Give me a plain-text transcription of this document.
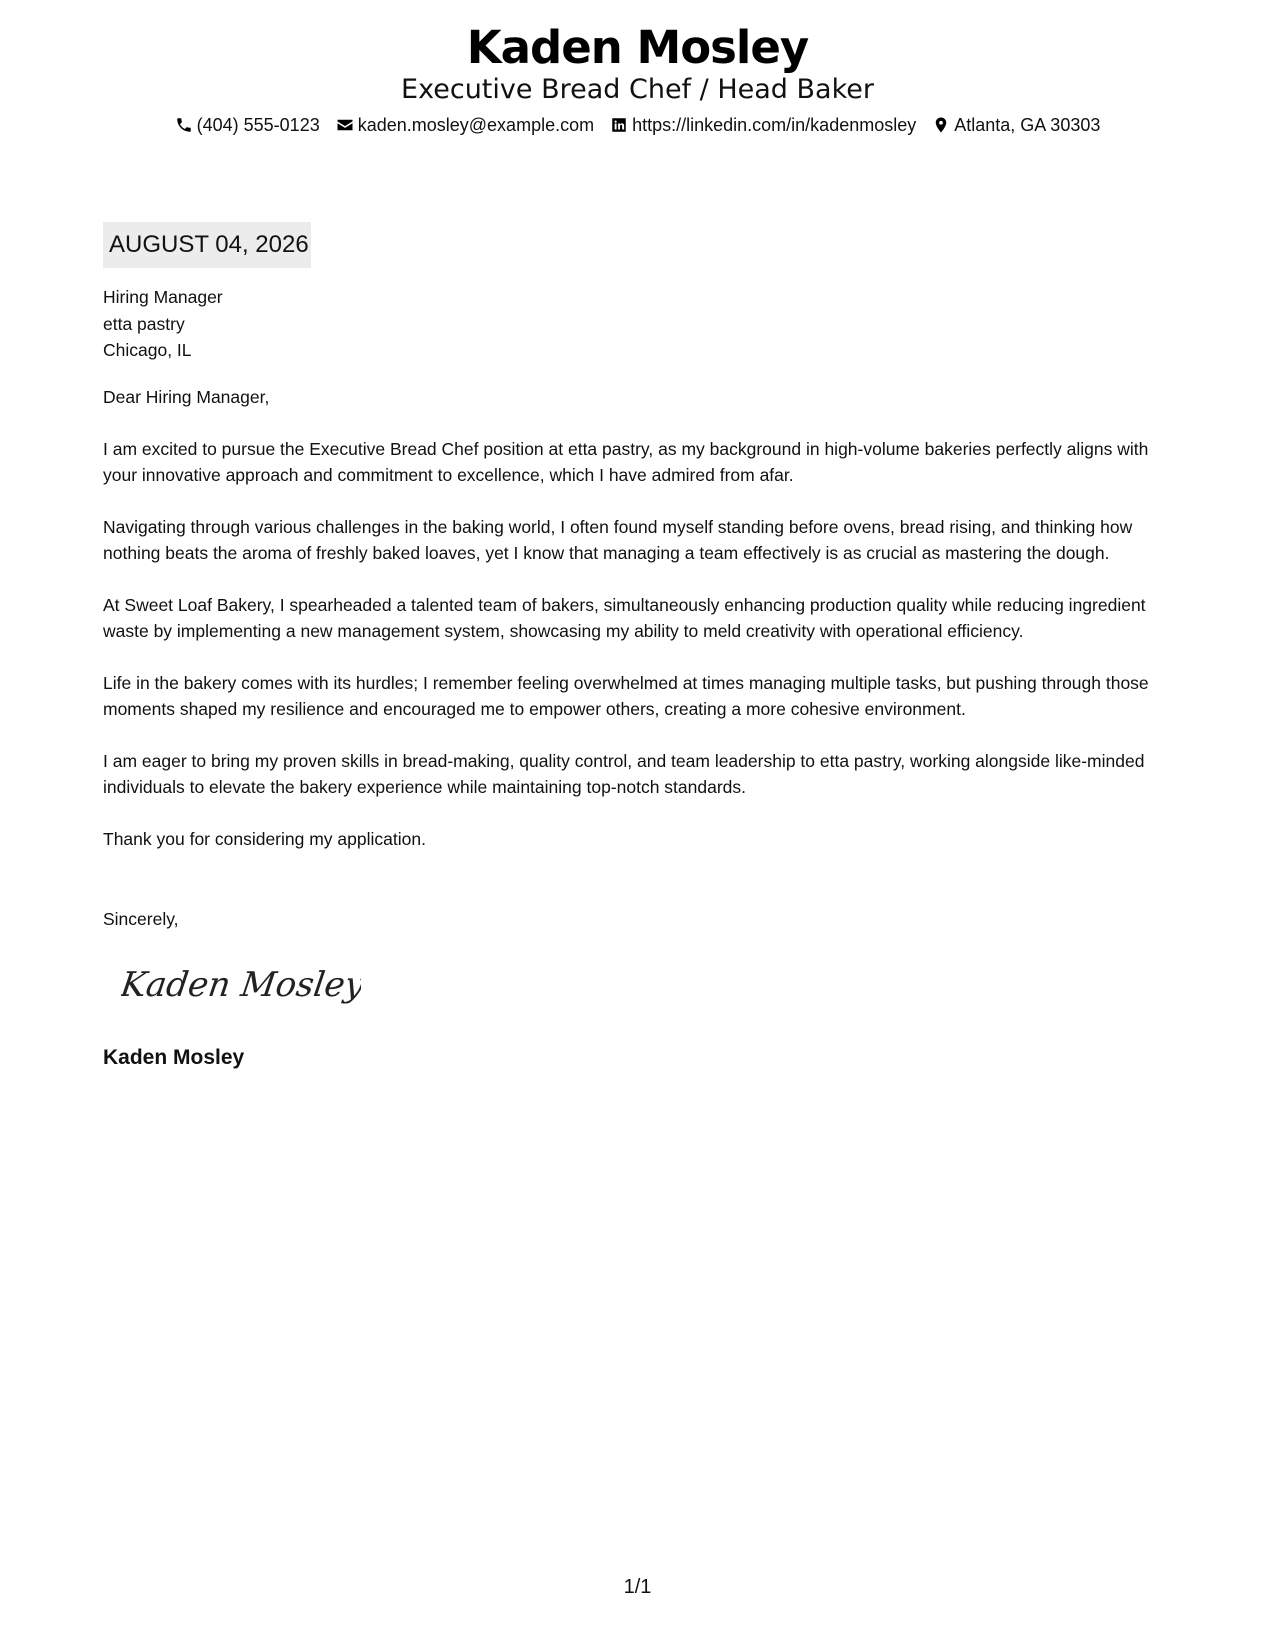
Kaden Mosley
Executive Bread Chef / Head Baker
(404) 555-0123 kaden.mosley@example.com https://linkedin.com/in/kadenmosley Atlanta, GA 30303
AUGUST 04, 2026
Hiring Manager
etta pastry
Chicago, IL
Dear Hiring Manager,
I am excited to pursue the Executive Bread Chef position at etta pastry, as my background in high-volume bakeries perfectly aligns with your innovative approach and commitment to excellence, which I have admired from afar.
Navigating through various challenges in the baking world, I often found myself standing before ovens, bread rising, and thinking how nothing beats the aroma of freshly baked loaves, yet I know that managing a team effectively is as crucial as mastering the dough.
At Sweet Loaf Bakery, I spearheaded a talented team of bakers, simultaneously enhancing production quality while reducing ingredient waste by implementing a new management system, showcasing my ability to meld creativity with operational efficiency.
Life in the bakery comes with its hurdles; I remember feeling overwhelmed at times managing multiple tasks, but pushing through those moments shaped my resilience and encouraged me to empower others, creating a more cohesive environment.
I am eager to bring my proven skills in bread-making, quality control, and team leadership to etta pastry, working alongside like-minded individuals to elevate the bakery experience while maintaining top-notch standards.
Thank you for considering my application.
Sincerely,
Kaden Mosley
Kaden Mosley
1/1
